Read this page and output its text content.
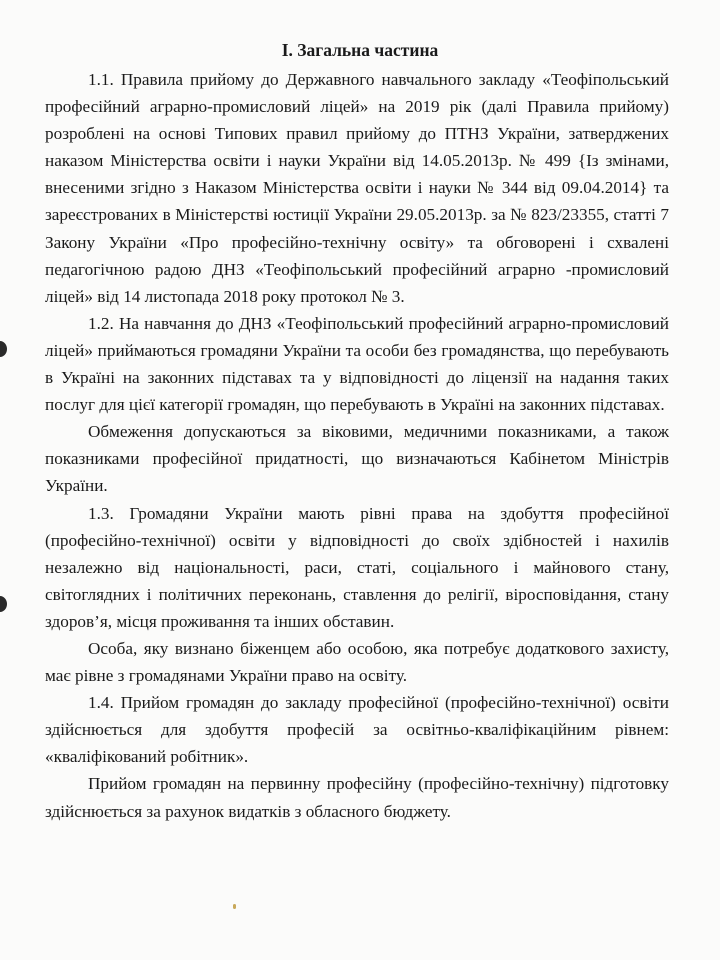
І. Загальна частина

1.1. Правила прийому до Державного навчального закладу «Теофіпольський професійний аграрно-промисловий ліцей» на 2019 рік (далі Правила прийому) розроблені на основі Типових правил прийому до ПТНЗ України, затверджених наказом Міністерства освіти і науки України від 14.05.2013р. № 499 {Із змінами, внесеними згідно з Наказом Міністерства освіти і науки № 344 від 09.04.2014} та зареєстрованих в Міністерстві юстиції України 29.05.2013р. за № 823/23355, статті 7 Закону України «Про професійно-технічну освіту» та обговорені і схвалені педагогічною радою ДНЗ «Теофіпольський професійний аграрно -промисловий ліцей» від 14 листопада 2018 року протокол № 3.

1.2. На навчання до ДНЗ «Теофіпольський професійний аграрно-промисловий ліцей» приймаються громадяни України та особи без громадянства, що перебувають в Україні на законних підставах та у відповідності до ліцензії на надання таких послуг для цієї категорії громадян, що перебувають в Україні на законних підставах.

Обмеження допускаються за віковими, медичними показниками, а також показниками професійної придатності, що визначаються Кабінетом Міністрів України.

1.3. Громадяни України мають рівні права на здобуття професійної (професійно-технічної) освіти у відповідності до своїх здібностей і нахилів незалежно від національності, раси, статі, соціального і майнового стану, світоглядних і політичних переконань, ставлення до релігії, віросповідання, стану здоров’я, місця проживання та інших обставин.

Особа, яку визнано біженцем або особою, яка потребує додаткового захисту, має рівне з громадянами України право на освіту.

1.4. Прийом громадян до закладу професійної (професійно-технічної) освіти здійснюється для здобуття професій за освітньо-кваліфікаційним рівнем: «кваліфікований робітник».

Прийом громадян на первинну професійну (професійно-технічну) підготовку здійснюється за рахунок видатків з обласного бюджету.
